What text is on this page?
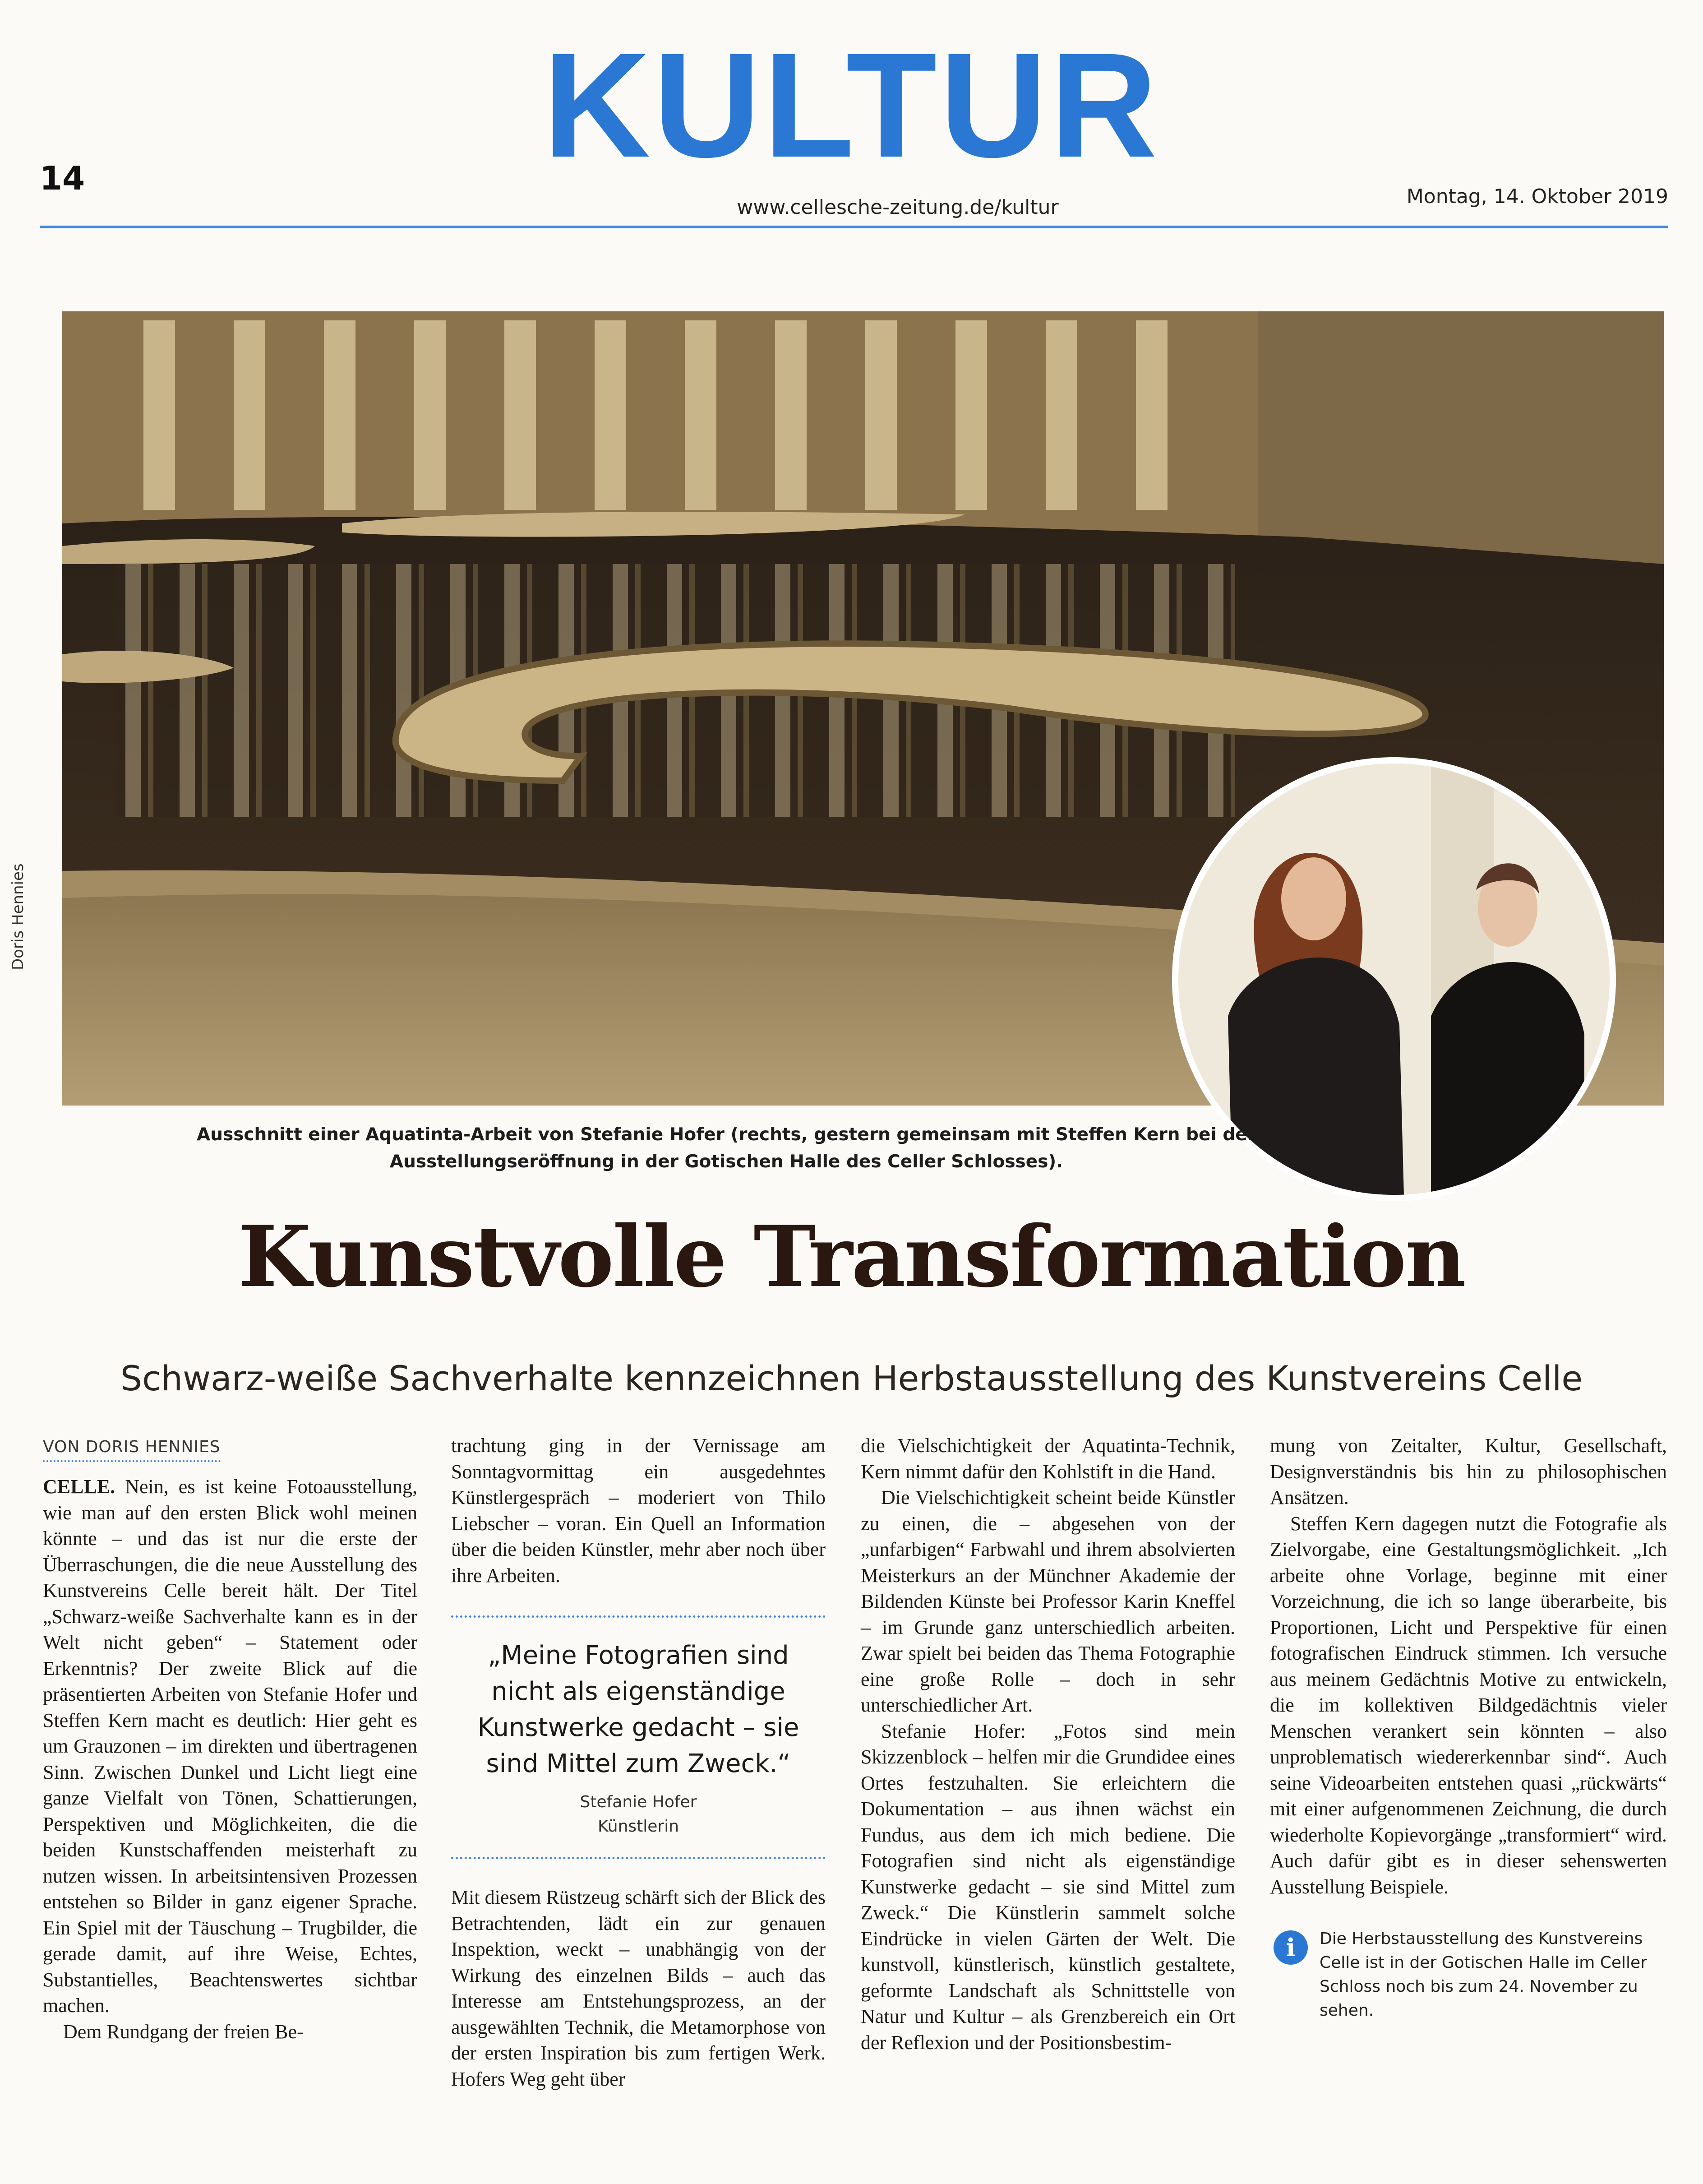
KULTUR
14
www.cellesche-zeitung.de/kultur	Montag, 14. Oktober 2019
Doris Hennies
Ausschnitt einer Aquatinta-Arbeit von Stefanie Hofer (rechts, gestern gemeinsam mit Steffen Kern bei der Ausstellungseröffnung in der Gotischen Halle des Celler Schlosses).
Kunstvolle Transformation
Schwarz-weiße Sachverhalte kennzeichnen Herbstausstellung des Kunstvereins Celle
VON DORIS HENNIES

CELLE. Nein, es ist keine Fotoausstellung, wie man auf den ersten Blick wohl meinen könnte – und das ist nur die erste der Überraschungen, die die neue Ausstellung des Kunstvereins Celle bereit hält. Der Titel „Schwarz-weiße Sachverhalte kann es in der Welt nicht geben“ – Statement oder Erkenntnis? Der zweite Blick auf die präsentierten Arbeiten von Stefanie Hofer und Steffen Kern macht es deutlich: Hier geht es um Grauzonen – im direkten und übertragenen Sinn. Zwischen Dunkel und Licht liegt eine ganze Vielfalt von Tönen, Schattierungen, Perspektiven und Möglichkeiten, die die beiden Kunstschaffenden meisterhaft zu nutzen wissen. In arbeitsintensiven Prozessen entstehen so Bilder in ganz eigener Sprache. Ein Spiel mit der Täuschung – Trugbilder, die gerade damit, auf ihre Weise, Echtes, Substantielles, Beachtenswertes sichtbar machen.

Dem Rundgang der freien Be-

trachtung ging in der Vernissage am Sonntagvormittag ein ausgedehntes Künstlergespräch – moderiert von Thilo Liebscher – voran. Ein Quell an Information über die beiden Künstler, mehr aber noch über ihre Arbeiten.

„Meine Fotografien sind nicht als eigenständige Kunstwerke gedacht – sie sind Mittel zum Zweck.“
Stefanie Hofer
Künstlerin

Mit diesem Rüstzeug schärft sich der Blick des Betrachtenden, lädt ein zur genauen Inspektion, weckt – unabhängig von der Wirkung des einzelnen Bilds – auch das Interesse am Entstehungsprozess, an der ausgewählten Technik, die Metamorphose von der ersten Inspiration bis zum fertigen Werk. Hofers Weg geht über

die Vielschichtigkeit der Aquatinta-Technik, Kern nimmt dafür den Kohlstift in die Hand.

Die Vielschichtigkeit scheint beide Künstler zu einen, die – abgesehen von der „unfarbigen“ Farbwahl und ihrem absolvierten Meisterkurs an der Münchner Akademie der Bildenden Künste bei Professor Karin Kneffel – im Grunde ganz unterschiedlich arbeiten. Zwar spielt bei beiden das Thema Fotographie eine große Rolle – doch in sehr unterschiedlicher Art.

Stefanie Hofer: „Fotos sind mein Skizzenblock – helfen mir die Grundidee eines Ortes festzuhalten. Sie erleichtern die Dokumentation – aus ihnen wächst ein Fundus, aus dem ich mich bediene. Die Fotografien sind nicht als eigenständige Kunstwerke gedacht – sie sind Mittel zum Zweck.“ Die Künstlerin sammelt solche Eindrücke in vielen Gärten der Welt. Die kunstvoll, künstlerisch, künstlich gestaltete, geformte Landschaft als Schnittstelle von Natur und Kultur – als Grenzbereich ein Ort der Reflexion und der Positionsbestim-

mung von Zeitalter, Kultur, Gesellschaft, Designverständnis bis hin zu philosophischen Ansätzen.

Steffen Kern dagegen nutzt die Fotografie als Zielvorgabe, eine Gestaltungsmöglichkeit. „Ich arbeite ohne Vorlage, beginne mit einer Vorzeichnung, die ich so lange überarbeite, bis Proportionen, Licht und Perspektive für einen fotografischen Eindruck stimmen. Ich versuche aus meinem Gedächtnis Motive zu entwickeln, die im kollektiven Bildgedächtnis vieler Menschen verankert sein könnten – also unproblematisch wiedererkennbar sind“. Auch seine Videoarbeiten entstehen quasi „rückwärts“ mit einer aufgenommenen Zeichnung, die durch wiederholte Kopievorgänge „transformiert“ wird. Auch dafür gibt es in dieser sehenswerten Ausstellung Beispiele.

i	Die Herbstausstellung des Kunstvereins Celle ist in der Gotischen Halle im Celler Schloss noch bis zum 24. November zu sehen.
